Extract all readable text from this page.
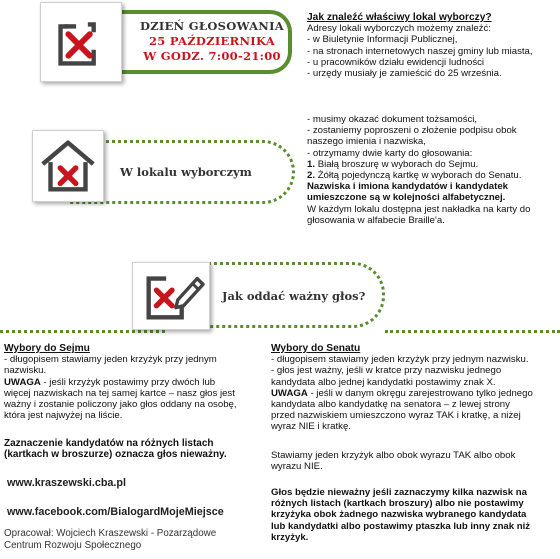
DZIEŃ GŁOSOWANIA
25 PAŹDZIERNIKA
W GODZ. 7:00-21:00

Jak znaleźć właściwy lokal wyborczy?

Adresy lokali wyborczych możemy znaleźć:

- w Biuletynie Informacji Publicznej,

- na stronach internetowych naszej gminy lub miasta,

- u pracowników działu ewidencji ludności

- urzędy musiały je zamieścić do 25 września.

W lokalu wyborczym

- musimy okazać dokument tożsamości,

- zostaniemy poproszeni o złożenie podpisu obok

naszego imienia i nazwiska,

- otrzymamy dwie karty do głosowania:

1. Białą broszurę w wyborach do Sejmu.

2. Żółtą pojedynczą kartkę w wyborach do Senatu.

Nazwiska i imiona kandydatów i kandydatek

umieszczone są w kolejności alfabetycznej.

W każdym lokalu dostępna jest nakładka na karty do

głosowania w alfabecie Braille'a.

Jak oddać ważny głos?

Wybory do Sejmu

- długopisem stawiamy jeden krzyżyk przy jednym

nazwisku.

UWAGA - jeśli krzyżyk postawimy przy dwóch lub

więcej nazwiskach na tej samej kartce – nasz głos jest

ważny i zostanie policzony jako głos oddany na osobę,

która jest najwyżej na liście.

Zaznaczenie kandydatów na różnych listach

(kartkach w broszurze) oznacza głos nieważny.

www.kraszewski.cba.pl
www.facebook.com/BialogardMojeMiejsce

Opracował: Wojciech Kraszewski - Pozarządowe

Centrum Rozwoju Społecznego

Wybory do Senatu

- długopisem stawiamy jeden krzyżyk przy jednym nazwisku.

- głos jest ważny, jeśli w kratce przy nazwisku jednego

kandydata albo jednej kandydatki postawimy znak X.

UWAGA - jeśli w danym okręgu zarejestrowano tylko jednego

kandydata albo kandydatkę na senatora – z lewej strony

przed nazwiskiem umieszczono wyraz TAK i kratkę, a niżej

wyraz NIE i kratkę.

Stawiamy jeden krzyżyk albo obok wyrazu TAK albo obok

wyrazu NIE.

Głos będzie nieważny jeśli zaznaczymy kilka nazwisk na

różnych listach (kartkach broszury) albo nie postawimy

krzyżyka obok żadnego nazwiska wybranego kandydata

lub kandydatki albo postawimy ptaszka lub inny znak niż

krzyżyk.
